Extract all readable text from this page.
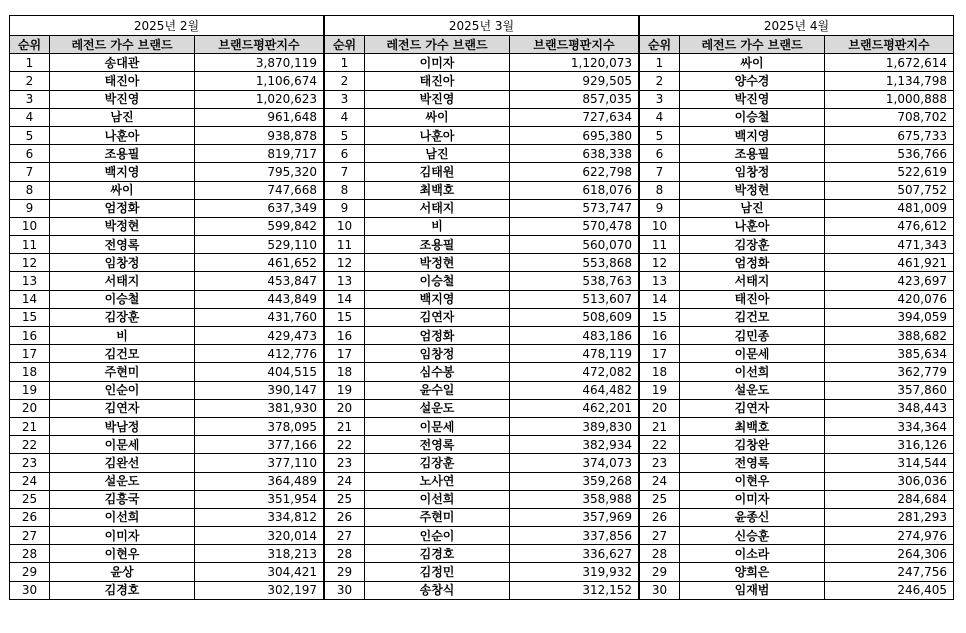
2025년 2월		
순위	레전드 가수 브랜드	브랜드평판지수
1	송대관	3,870,119
2	태진아	1,106,674
3	박진영	1,020,623
4	남진	961,648
5	나훈아	938,878
6	조용필	819,717
7	백지영	795,320
8	싸이	747,668
9	엄정화	637,349
10	박정현	599,842
11	전영록	529,110
12	임창정	461,652
13	서태지	453,847
14	이승철	443,849
15	김장훈	431,760
16	비	429,473
17	김건모	412,776
18	주현미	404,515
19	인순이	390,147
20	김연자	381,930
21	박남정	378,095
22	이문세	377,166
23	김완선	377,110
24	설운도	364,489
25	김흥국	351,954
26	이선희	334,812
27	이미자	320,014
28	이현우	318,213
29	윤상	304,421
30	김경호	302,197
2025년 3월		
순위	레전드 가수 브랜드	브랜드평판지수
1	이미자	1,120,073
2	태진아	929,505
3	박진영	857,035
4	싸이	727,634
5	나훈아	695,380
6	남진	638,338
7	김태원	622,798
8	최백호	618,076
9	서태지	573,747
10	비	570,478
11	조용필	560,070
12	박정현	553,868
13	이승철	538,763
14	백지영	513,607
15	김연자	508,609
16	엄정화	483,186
17	임창정	478,119
18	심수봉	472,082
19	윤수일	464,482
20	설운도	462,201
21	이문세	389,830
22	전영록	382,934
23	김장훈	374,073
24	노사연	359,268
25	이선희	358,988
26	주현미	357,969
27	인순이	337,856
28	김경호	336,627
29	김정민	319,932
30	송창식	312,152
2025년 4월		
순위	레전드 가수 브랜드	브랜드평판지수
1	싸이	1,672,614
2	양수경	1,134,798
3	박진영	1,000,888
4	이승철	708,702
5	백지영	675,733
6	조용필	536,766
7	임창정	522,619
8	박정현	507,752
9	남진	481,009
10	나훈아	476,612
11	김장훈	471,343
12	엄정화	461,921
13	서태지	423,697
14	태진아	420,076
15	김건모	394,059
16	김민종	388,682
17	이문세	385,634
18	이선희	362,779
19	설운도	357,860
20	김연자	348,443
21	최백호	334,364
22	김창완	316,126
23	전영록	314,544
24	이현우	306,036
25	이미자	284,684
26	윤종신	281,293
27	신승훈	274,976
28	이소라	264,306
29	양희은	247,756
30	임재범	246,405
